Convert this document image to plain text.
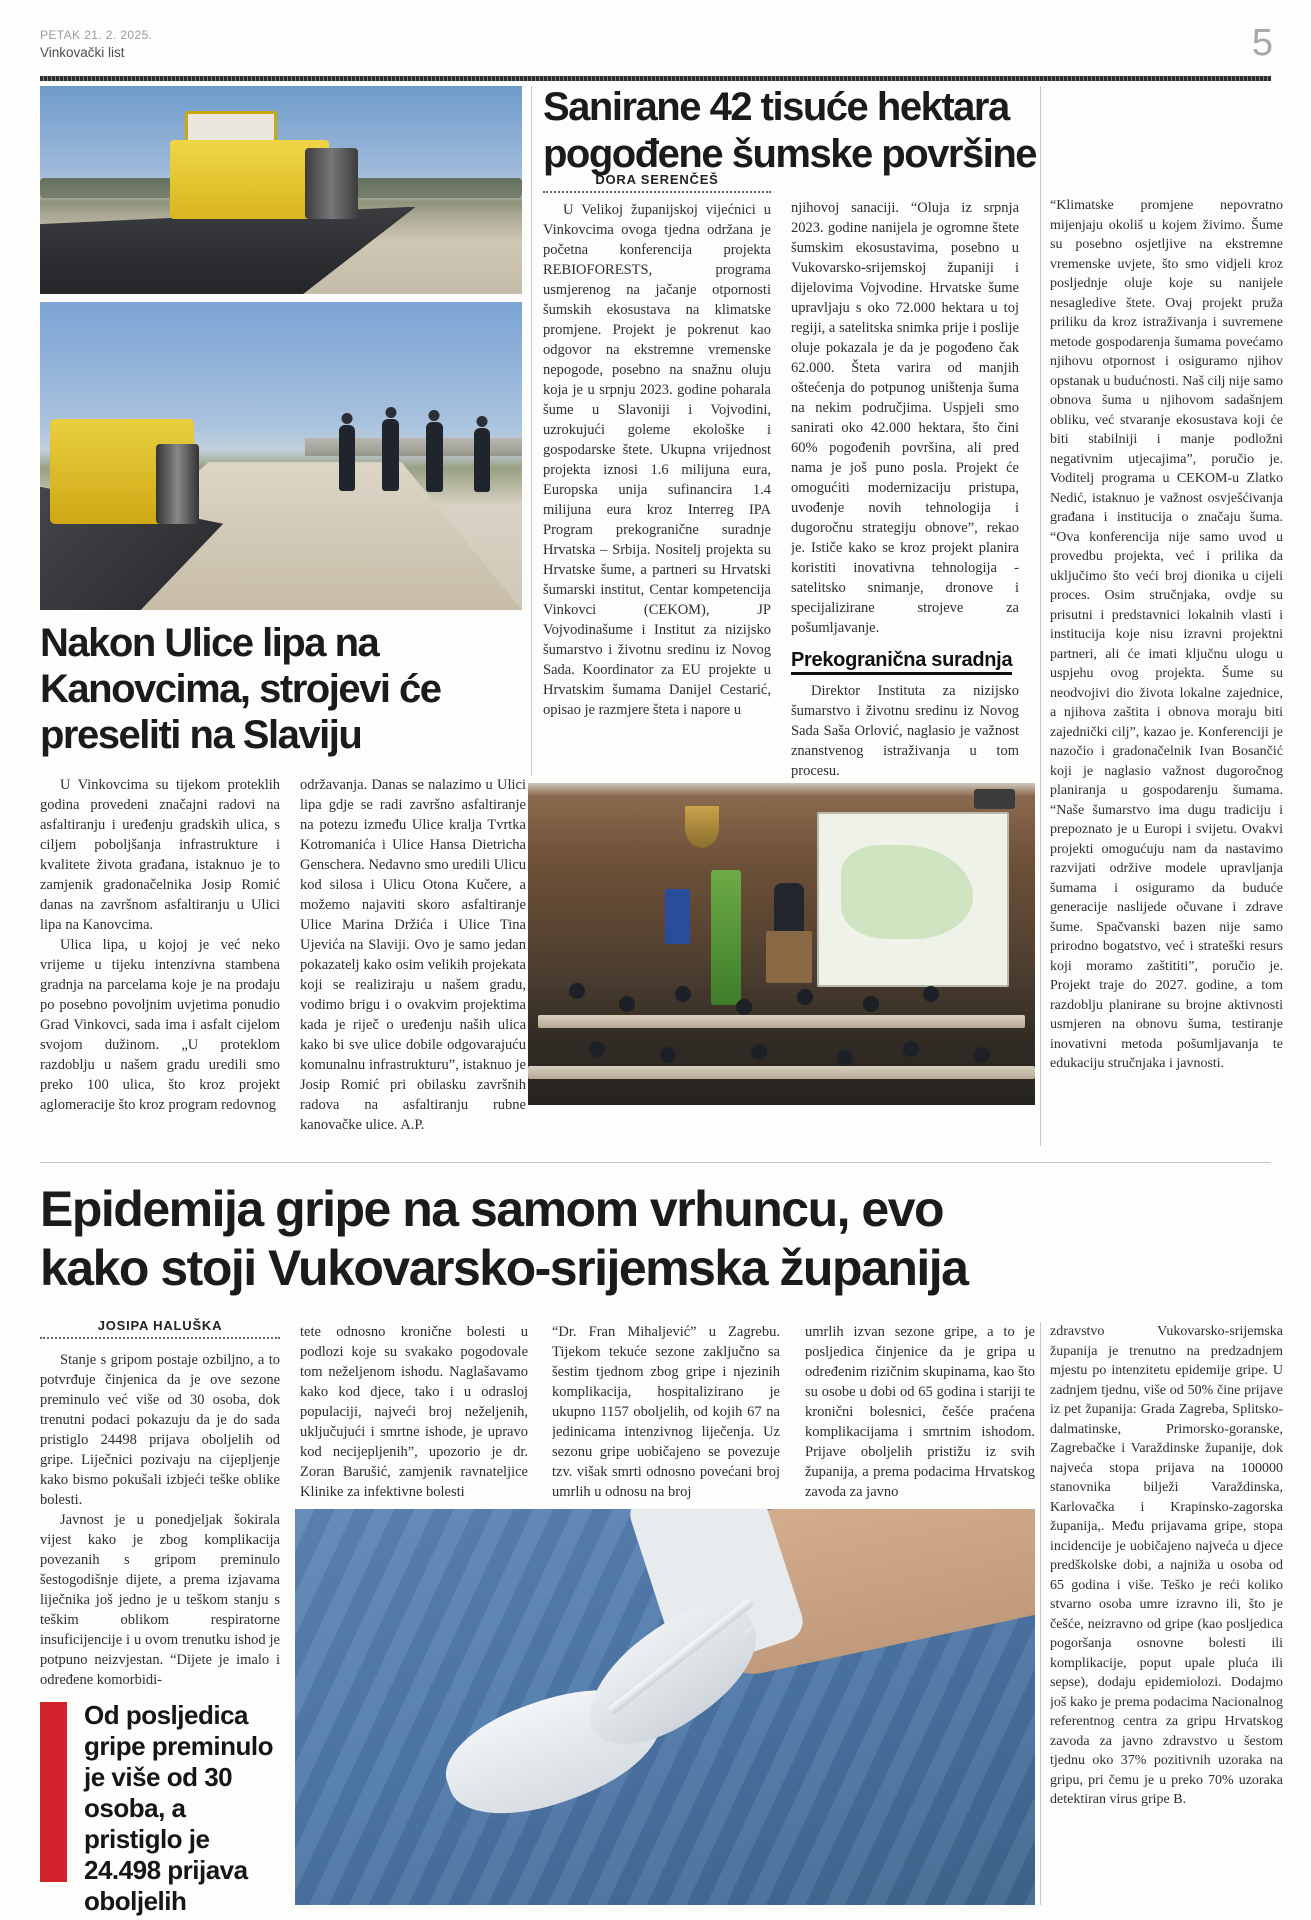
PETAK 21. 2. 2025.
Vinkovački list	5
Sanirane 42 tisuće hektara pogođene šumske površine
DORA SERENČEŠ

U Velikoj županijskoj vijećnici u Vinkovcima ovoga tjedna održana je početna konferencija projekta REBIOFORESTS, programa usmjerenog na jačanje otpornosti šumskih ekosustava na klimatske promjene. Projekt je pokrenut kao odgovor na ekstremne vremenske nepogode, posebno na snažnu oluju koja je u srpnju 2023. godine poharala šume u Slavoniji i Vojvodini, uzrokujući goleme ekološke i gospodarske štete. Ukupna vrijednost projekta iznosi 1.6 milijuna eura, Europska unija sufinancira 1.4 milijuna eura kroz Interreg IPA Program prekogranične suradnje Hrvatska – Srbija. Nositelj projekta su Hrvatske šume, a partneri su Hrvatski šumarski institut, Centar kompetencija Vinkovci (CEKOM), JP Vojvodinašume i Institut za nizijsko šumarstvo i životnu sredinu iz Novog Sada. Koordinator za EU projekte u Hrvatskim šumama Danijel Cestarić, opisao je razmjere šteta i napore u

njihovoj sanaciji. “Oluja iz srpnja 2023. godine nanijela je ogromne štete šumskim ekosustavima, posebno u Vukovarsko-srijemskoj županiji i dijelovima Vojvodine. Hrvatske šume upravljaju s oko 72.000 hektara u toj regiji, a satelitska snimka prije i poslije oluje pokazala je da je pogođeno čak 62.000. Šteta varira od manjih oštećenja do potpunog uništenja šuma na nekim područjima. Uspjeli smo sanirati oko 42.000 hektara, što čini 60% pogođenih površina, ali pred nama je još puno posla. Projekt će omogućiti modernizaciju pristupa, uvođenje novih tehnologija i dugoročnu strategiju obnove”, rekao je. Ističe kako se kroz projekt planira koristiti inovativna tehnologija - satelitsko snimanje, dronove i specijalizirane strojeve za pošumljavanje.

Prekogranična suradnja

Direktor Instituta za nizijsko šumarstvo i životnu sredinu iz Novog Sada Saša Orlović, naglasio je važnost znanstvenog istraživanja u tom procesu.

“Klimatske promjene nepovratno mijenjaju okoliš u kojem živimo. Šume su posebno osjetljive na ekstremne vremenske uvjete, što smo vidjeli kroz posljednje oluje koje su nanijele nesagledive štete. Ovaj projekt pruža priliku da kroz istraživanja i suvremene metode gospodarenja šumama povećamo njihovu otpornost i osiguramo njihov opstanak u budućnosti. Naš cilj nije samo obnova šuma u njihovom sadašnjem obliku, već stvaranje ekosustava koji će biti stabilniji i manje podložni negativnim utjecajima”, poručio je. Voditelj programa u CEKOM-u Zlatko Nedić, istaknuo je važnost osvješćivanja građana i institucija o značaju šuma. “Ova konferencija nije samo uvod u provedbu projekta, već i prilika da uključimo što veći broj dionika u cijeli proces. Osim stručnjaka, ovdje su prisutni i predstavnici lokalnih vlasti i institucija koje nisu izravni projektni partneri, ali će imati ključnu ulogu u uspjehu ovog projekta. Šume su neodvojivi dio života lokalne zajednice, a njihova zaštita i obnova moraju biti zajednički cilj”, kazao je. Konferenciji je nazočio i gradonačelnik Ivan Bosančić koji je naglasio važnost dugoročnog planiranja u gospodarenju šumama. “Naše šumarstvo ima dugu tradiciju i prepoznato je u Europi i svijetu. Ovakvi projekti omogućuju nam da nastavimo razvijati održive modele upravljanja šumama i osiguramo da buduće generacije naslijede očuvane i zdrave šume. Spačvanski bazen nije samo prirodno bogatstvo, već i strateški resurs koji moramo zaštititi”, poručio je. Projekt traje do 2027. godine, a tom razdoblju planirane su brojne aktivnosti usmjeren na obnovu šuma, testiranje inovativni metoda pošumljavanja te edukaciju stručnjaka i javnosti.

Nakon Ulice lipa na Kanovcima, strojevi će preseliti na Slaviju

U Vinkovcima su tijekom proteklih godina provedeni značajni radovi na asfaltiranju i uređenju gradskih ulica, s ciljem poboljšanja infrastrukture i kvalitete života građana, istaknuo je to zamjenik gradonačelnika Josip Romić danas na završnom asfaltiranju u Ulici lipa na Kanovcima.

Ulica lipa, u kojoj je već neko vrijeme u tijeku intenzivna stambena gradnja na parcelama koje je na prodaju po posebno povoljnim uvjetima ponudio Grad Vinkovci, sada ima i asfalt cijelom svojom dužinom. „U proteklom razdoblju u našem gradu uredili smo preko 100 ulica, što kroz projekt aglomeracije što kroz program redovnog

održavanja. Danas se nalazimo u Ulici lipa gdje se radi završno asfaltiranje na potezu između Ulice kralja Tvrtka Kotromanića i Ulice Hansa Dietricha Genschera. Nedavno smo uredili Ulicu kod silosa i Ulicu Otona Kučere, a možemo najaviti skoro asfaltiranje Ulice Marina Držića i Ulice Tina Ujevića na Slaviji. Ovo je samo jedan pokazatelj kako osim velikih projekata koji se realiziraju u našem gradu, vodimo brigu i o ovakvim projektima kada je riječ o uređenju naših ulica kako bi sve ulice dobile odgovarajuću komunalnu infrastrukturu”, istaknuo je Josip Romić pri obilasku završnih radova na asfaltiranju rubne kanovačke ulice. A.P.

Epidemija gripe na samom vrhuncu, evo kako stoji Vukovarsko-srijemska županija
JOSIPA HALUŠKA

Stanje s gripom postaje ozbiljno, a to potvrđuje činjenica da je ove sezone preminulo već više od 30 osoba, dok trenutni podaci pokazuju da je do sada pristiglo 24498 prijava oboljelih od gripe. Liječnici pozivaju na cijepljenje kako bismo pokušali izbjeći teške oblike bolesti.

Javnost je u ponedjeljak šokirala vijest kako je zbog komplikacija povezanih s gripom preminulo šestogodišnje dijete, a prema izjavama liječnika još jedno je u teškom stanju s teškim oblikom respiratorne insuficijencije i u ovom trenutku ishod je potpuno neizvjestan. “Dijete je imalo i određene komorbidi-

tete odnosno kronične bolesti u podlozi koje su svakako pogodovale tom neželjenom ishodu. Naglašavamo kako kod djece, tako i u odrasloj populaciji, najveći broj neželjenih, uključujući i smrtne ishode, je upravo kod necijepljenih”, upozorio je dr. Zoran Barušić, zamjenik ravnateljice Klinike za infektivne bolesti

“Dr. Fran Mihaljević” u Zagrebu. Tijekom tekuće sezone zaključno sa šestim tjednom zbog gripe i njezinih komplikacija, hospitalizirano je ukupno 1157 oboljelih, od kojih 67 na jedinicama intenzivnog liječenja. Uz sezonu gripe uobičajeno se povezuje tzv. višak smrti odnosno povećani broj umrlih u odnosu na broj

umrlih izvan sezone gripe, a to je posljedica činjenice da je gripa u određenim rizičnim skupinama, kao što su osobe u dobi od 65 godina i stariji te kronični bolesnici, češće praćena komplikacijama i smrtnim ishodom. Prijave oboljelih pristižu iz svih županija, a prema podacima Hrvatskog zavoda za javno

zdravstvo Vukovarsko-srijemska županija je trenutno na predzadnjem mjestu po intenzitetu epidemije gripe. U zadnjem tjednu, više od 50% čine prijave iz pet županija: Grada Zagreba, Splitsko-dalmatinske, Primorsko-goranske, Zagrebačke i Varaždinske županije, dok najveća stopa prijava na 100000 stanovnika bilježi Varaždinska, Karlovačka i Krapinsko-zagorska županija,. Među prijavama gripe, stopa incidencije je uobičajeno najveća u djece predškolske dobi, a najniža u osoba od 65 godina i više. Teško je reći koliko stvarno osoba umre izravno ili, što je češće, neizravno od gripe (kao posljedica pogoršanja osnovne bolesti ili komplikacije, poput upale pluća ili sepse), dodaju epidemiolozi. Dodajmo još kako je prema podacima Nacionalnog referentnog centra za gripu Hrvatskog zavoda za javno zdravstvo u šestom tjednu oko 37% pozitivnih uzoraka na gripu, pri čemu je u preko 70% uzoraka detektiran virus gripe B.

Od posljedica gripe preminulo je više od 30 osoba, a pristiglo je 24.498 prijava oboljelih
